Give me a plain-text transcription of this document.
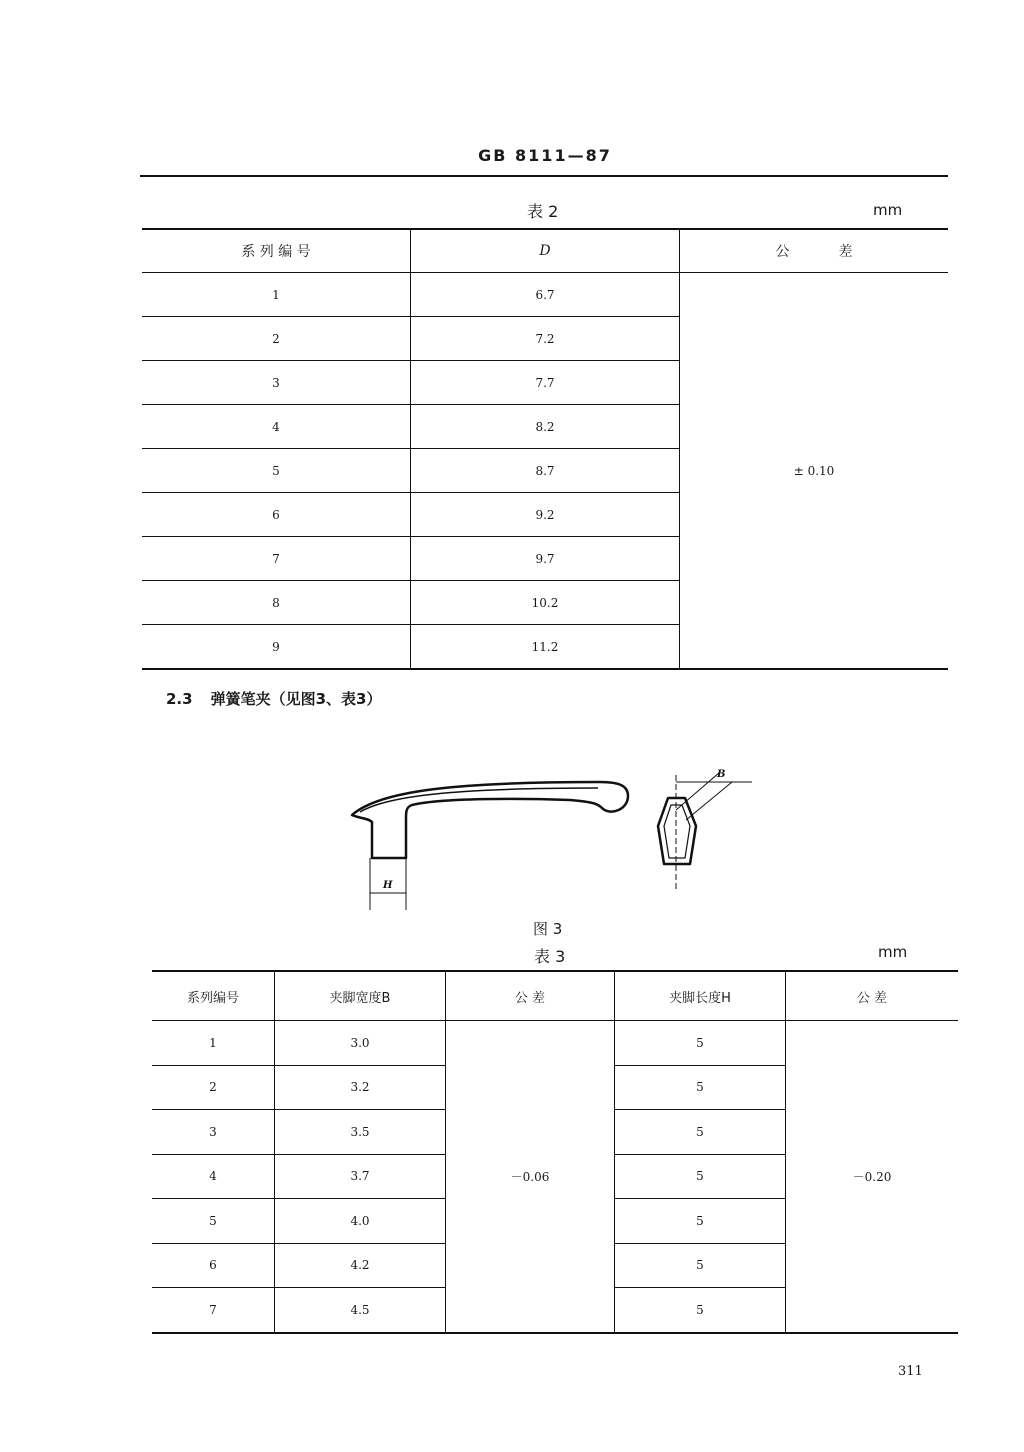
GB 8111—87
表 2	mm
系 列 编 号	D	公           差
1	6.7	± 0.10
2	7.2	
3	7.7	
4	8.2	
5	8.7	
6	9.2	
7	9.7	
8	10.2	
9	11.2	
2.3 弹簧笔夹（见图3、表3）
H
B
图 3
表 3	mm
系列编号	夹脚宽度B	公 差	夹脚长度H	公 差
1	3.0	－0.06	5	－0.20
2	3.2		5	
3	3.5		5	
4	3.7		5	
5	4.0		5	
6	4.2		5	
7	4.5		5	
311
